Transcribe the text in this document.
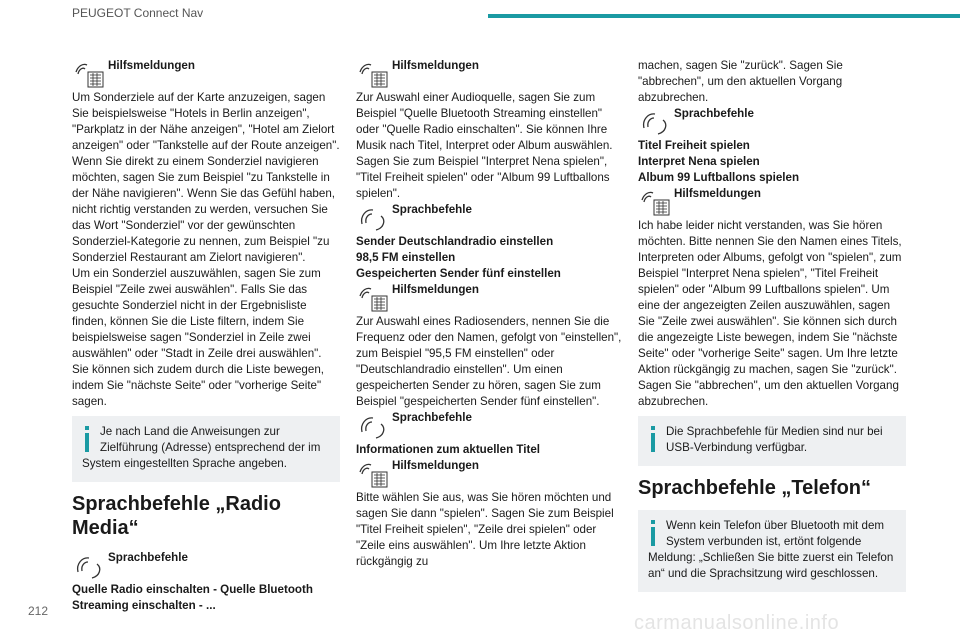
PEUGEOT Connect Nav
Hilfsmeldungen

Um Sonderziele auf der Karte anzuzeigen, sagen Sie beispielsweise "Hotels in Berlin anzeigen", "Parkplatz in der Nähe anzeigen", "Hotel am Zielort anzeigen" oder "Tankstelle auf der Route anzeigen". Wenn Sie direkt zu einem Sonderziel navigieren möchten, sagen Sie zum Beispiel "zu Tankstelle in der Nähe navigieren". Wenn Sie das Gefühl haben, nicht richtig verstanden zu werden, versuchen Sie das Wort "Sonderziel" vor der gewünschten Sonderziel-Kategorie zu nennen, zum Beispiel "zu Sonderziel Restaurant am Zielort navigieren".

Um ein Sonderziel auszuwählen, sagen Sie zum Beispiel "Zeile zwei auswählen". Falls Sie das gesuchte Sonderziel nicht in der Ergebnisliste finden, können Sie die Liste filtern, indem Sie beispielsweise sagen "Sonderziel in Zeile zwei auswählen" oder "Stadt in Zeile drei auswählen". Sie können sich zudem durch die Liste bewegen, indem Sie "nächste Seite" oder "vorherige Seite" sagen.

Je nach Land die Anweisungen zur Zielführung (Adresse) entsprechend der im System eingestellten Sprache angeben.

Sprachbefehle „Radio Media“
Sprachbefehle

Quelle Radio einschalten - Quelle Bluetooth Streaming einschalten - ...

Hilfsmeldungen

Zur Auswahl einer Audioquelle, sagen Sie zum Beispiel "Quelle Bluetooth Streaming einstellen" oder "Quelle Radio einschalten". Sie können Ihre Musik nach Titel, Interpret oder Album auswählen. Sagen Sie zum Beispiel "Interpret Nena spielen", "Titel Freiheit spielen" oder "Album 99 Luftballons spielen".

Sprachbefehle

Sender Deutschlandradio einstellen

98,5 FM einstellen

Gespeicherten Sender fünf einstellen

Hilfsmeldungen

Zur Auswahl eines Radiosenders, nennen Sie die Frequenz oder den Namen, gefolgt von "einstellen", zum Beispiel "95,5 FM einstellen" oder "Deutschlandradio einstellen". Um einen gespeicherten Sender zu hören, sagen Sie zum Beispiel "gespeicherten Sender fünf einstellen".

Sprachbefehle

Informationen zum aktuellen Titel

Hilfsmeldungen

Bitte wählen Sie aus, was Sie hören möchten und sagen Sie dann "spielen". Sagen Sie zum Beispiel "Titel Freiheit spielen", "Zeile drei spielen" oder "Zeile eins auswählen". Um Ihre letzte Aktion rückgängig zu

machen, sagen Sie "zurück". Sagen Sie "abbrechen", um den aktuellen Vorgang abzubrechen.

Sprachbefehle

Titel Freiheit spielen

Interpret Nena spielen

Album 99 Luftballons spielen

Hilfsmeldungen

Ich habe leider nicht verstanden, was Sie hören möchten. Bitte nennen Sie den Namen eines Titels, Interpreten oder Albums, gefolgt von "spielen", zum Beispiel "Interpret Nena spielen", "Titel Freiheit spielen" oder "Album 99 Luftballons spielen". Um eine der angezeigten Zeilen auszuwählen, sagen Sie "Zeile zwei auswählen". Sie können sich durch die angezeigte Liste bewegen, indem Sie "nächste Seite" oder "vorherige Seite" sagen. Um Ihre letzte Aktion rückgängig zu machen, sagen Sie "zurück". Sagen Sie "abbrechen", um den aktuellen Vorgang abzubrechen.

Die Sprachbefehle für Medien sind nur bei USB-Verbindung verfügbar.

Sprachbefehle „Telefon“

Wenn kein Telefon über Bluetooth mit dem System verbunden ist, ertönt folgende Meldung: „Schließen Sie bitte zuerst ein Telefon an“ und die Sprachsitzung wird geschlossen.

212
carmanualsonline.info
